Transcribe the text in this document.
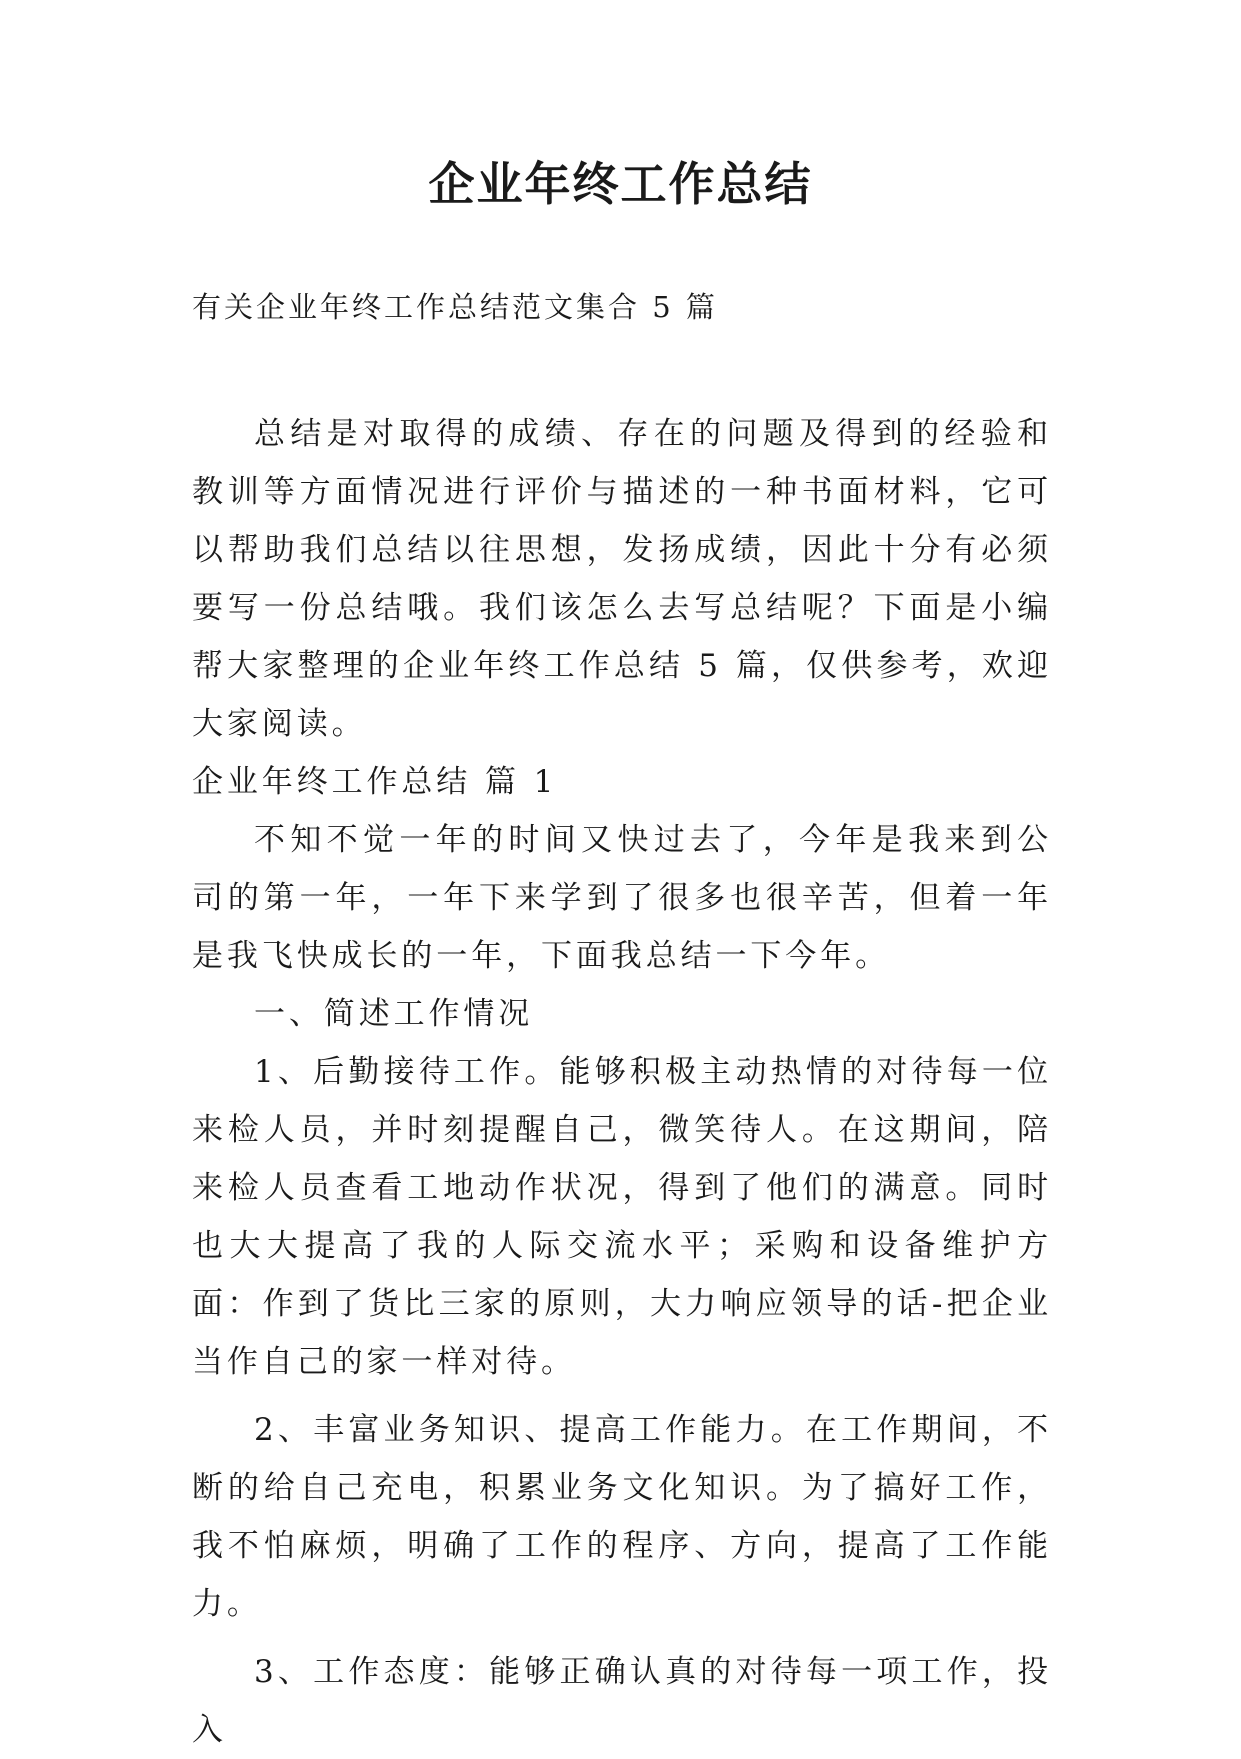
企业年终工作总结
有关企业年终工作总结范文集合 5 篇

总结是对取得的成绩、存在的问题及得到的经验和教训等方面情况进行评价与描述的一种书面材料，它可以帮助我们总结以往思想，发扬成绩，因此十分有必须要写一份总结哦。我们该怎么去写总结呢？下面是小编帮大家整理的企业年终工作总结 5 篇，仅供参考，欢迎大家阅读。

企业年终工作总结 篇 1

不知不觉一年的时间又快过去了，今年是我来到公司的第一年，一年下来学到了很多也很辛苦，但着一年是我飞快成长的一年，下面我总结一下今年。

一、简述工作情况

1、后勤接待工作。能够积极主动热情的对待每一位来检人员，并时刻提醒自己，微笑待人。在这期间，陪来检人员查看工地动作状况，得到了他们的满意。同时也大大提高了我的人际交流水平；采购和设备维护方面：作到了货比三家的原则，大力响应领导的话-把企业当作自己的家一样对待。

2、丰富业务知识、提高工作能力。在工作期间，不断的给自己充电，积累业务文化知识。为了搞好工作，我不怕麻烦，明确了工作的程序、方向，提高了工作能力。

3、工作态度：能够正确认真的对待每一项工作，投入
